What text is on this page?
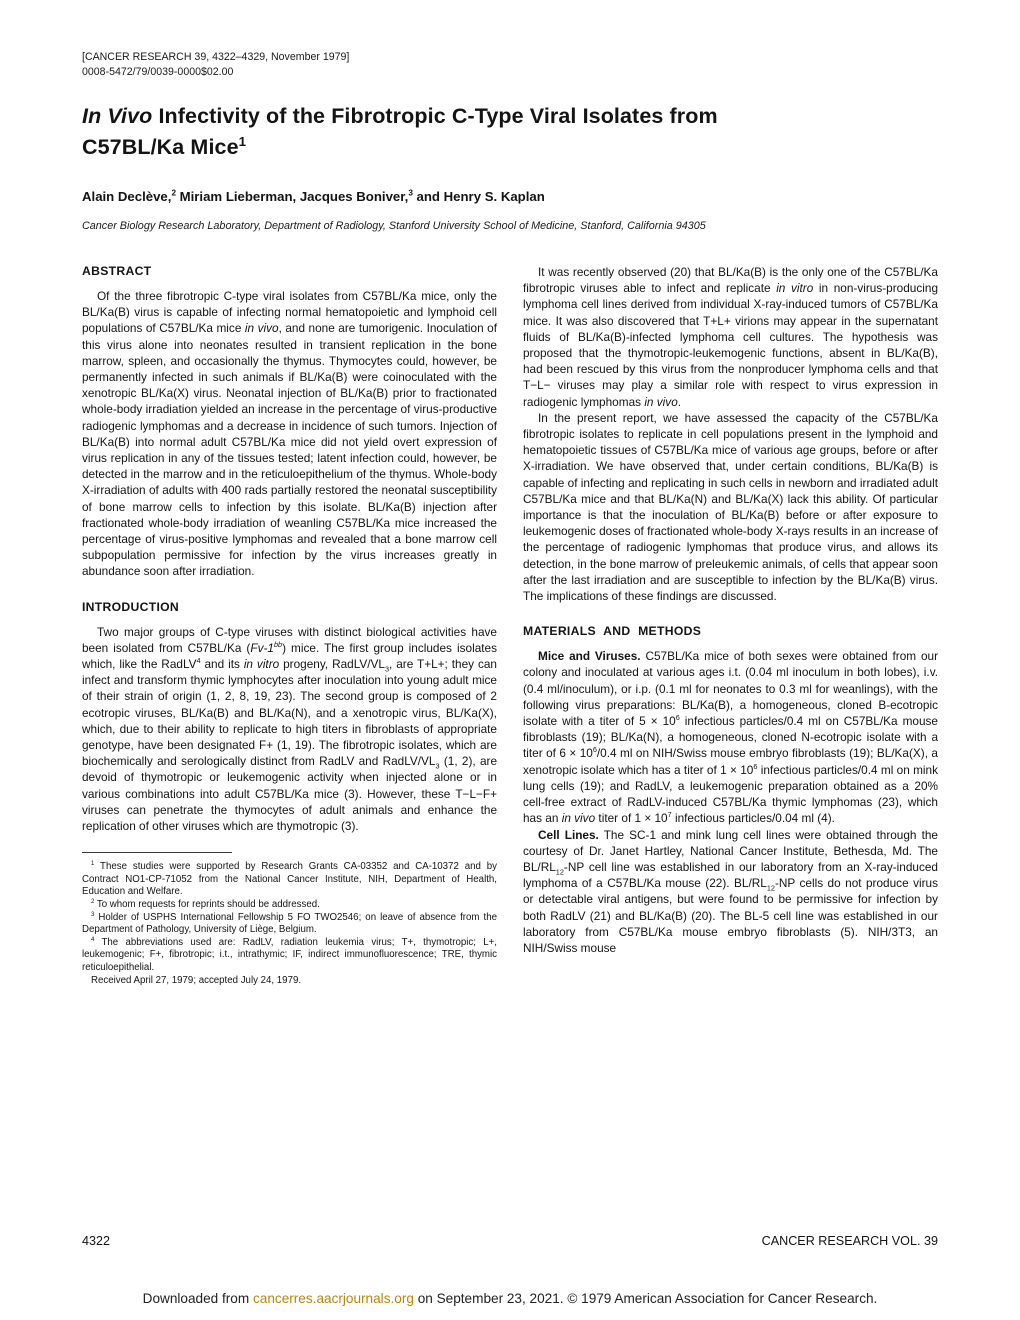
[CANCER RESEARCH 39, 4322–4329, November 1979]
0008-5472/79/0039-0000$02.00
In Vivo Infectivity of the Fibrotropic C-Type Viral Isolates from
C57BL/Ka Mice$^1$
Alain Declève,$^2$ Miriam Lieberman, Jacques Boniver,$^3$ and Henry S. Kaplan
Cancer Biology Research Laboratory, Department of Radiology, Stanford University School of Medicine, Stanford, California 94305
ABSTRACT

Of the three fibrotropic C-type viral isolates from C57BL/Ka mice, only the BL/Ka(B) virus is capable of infecting normal hematopoietic and lymphoid cell populations of C57BL/Ka mice in vivo, and none are tumorigenic. Inoculation of this virus alone into neonates resulted in transient replication in the bone marrow, spleen, and occasionally the thymus. Thymocytes could, however, be permanently infected in such animals if BL/Ka(B) were coinoculated with the xenotropic BL/Ka(X) virus. Neonatal injection of BL/Ka(B) prior to fractionated whole-body irradiation yielded an increase in the percentage of virus-productive radiogenic lymphomas and a decrease in incidence of such tumors. Injection of BL/Ka(B) into normal adult C57BL/Ka mice did not yield overt expression of virus replication in any of the tissues tested; latent infection could, however, be detected in the marrow and in the reticuloepithelium of the thymus. Whole-body X-irradiation of adults with 400 rads partially restored the neonatal susceptibility of bone marrow cells to infection by this isolate. BL/Ka(B) injection after fractionated whole-body irradiation of weanling C57BL/Ka mice increased the percentage of virus-positive lymphomas and revealed that a bone marrow cell subpopulation permissive for infection by the virus increases greatly in abundance soon after irradiation.

INTRODUCTION

Two major groups of C-type viruses with distinct biological activities have been isolated from C57BL/Ka $(Fv-1^{bb})$ mice. The first group includes isolates which, like the RadLV$^4$ and its in vitro progeny, RadLV/$VL_3$, are T+L+; they can infect and transform thymic lymphocytes after inoculation into young adult mice of their strain of origin (1, 2, 8, 19, 23). The second group is composed of 2 ecotropic viruses, BL/Ka(B) and BL/Ka(N), and a xenotropic virus, BL/Ka(X), which, due to their ability to replicate to high titers in fibroblasts of appropriate genotype, have been designated F+ (1, 19). The fibrotropic isolates, which are biochemically and serologically distinct from RadLV and RadLV/$VL_3$ (1, 2), are devoid of thymotropic or leukemogenic activity when injected alone or in various combinations into adult C57BL/Ka mice (3). However, these T−L−F+ viruses can penetrate the thymocytes of adult animals and enhance the replication of other viruses which are thymotropic (3).

$^1$ These studies were supported by Research Grants CA-03352 and CA-10372 and by Contract NO1-CP-71052 from the National Cancer Institute, NIH, Department of Health, Education and Welfare.

$^2$ To whom requests for reprints should be addressed.

$^3$ Holder of USPHS International Fellowship 5 FO TWO2546; on leave of absence from the Department of Pathology, University of Liège, Belgium.

$^4$ The abbreviations used are: RadLV, radiation leukemia virus; T+, thymotropic; L+, leukemogenic; F+, fibrotropic; i.t., intrathymic; IF, indirect immunofluorescence; TRE, thymic reticuloepithelial.

Received April 27, 1979; accepted July 24, 1979.

It was recently observed (20) that BL/Ka(B) is the only one of the C57BL/Ka fibrotropic viruses able to infect and replicate in vitro in non-virus-producing lymphoma cell lines derived from individual X-ray-induced tumors of C57BL/Ka mice. It was also discovered that T+L+ virions may appear in the supernatant fluids of BL/Ka(B)-infected lymphoma cell cultures. The hypothesis was proposed that the thymotropic-leukemogenic functions, absent in BL/Ka(B), had been rescued by this virus from the nonproducer lymphoma cells and that T−L− viruses may play a similar role with respect to virus expression in radiogenic lymphomas in vivo.

In the present report, we have assessed the capacity of the C57BL/Ka fibrotropic isolates to replicate in cell populations present in the lymphoid and hematopoietic tissues of C57BL/Ka mice of various age groups, before or after X-irradiation. We have observed that, under certain conditions, BL/Ka(B) is capable of infecting and replicating in such cells in newborn and irradiated adult C57BL/Ka mice and that BL/Ka(N) and BL/Ka(X) lack this ability. Of particular importance is that the inoculation of BL/Ka(B) before or after exposure to leukemogenic doses of fractionated whole-body X-rays results in an increase of the percentage of radiogenic lymphomas that produce virus, and allows its detection, in the bone marrow of preleukemic animals, of cells that appear soon after the last irradiation and are susceptible to infection by the BL/Ka(B) virus. The implications of these findings are discussed.

MATERIALS AND METHODS

Mice and Viruses. C57BL/Ka mice of both sexes were obtained from our colony and inoculated at various ages i.t. (0.04 ml inoculum in both lobes), i.v. (0.4 ml/inoculum), or i.p. (0.1 ml for neonates to 0.3 ml for weanlings), with the following virus preparations: BL/Ka(B), a homogeneous, cloned B-ecotropic isolate with a titer of $5 \times 10^6$ infectious particles/0.4 ml on C57BL/Ka mouse fibroblasts (19); BL/Ka(N), a homogeneous, cloned N-ecotropic isolate with a titer of $6 \times 10^6/0.4$ ml on NIH/Swiss mouse embryo fibroblasts (19); BL/Ka(X), a xenotropic isolate which has a titer of $1 \times 10^6$ infectious particles/0.4 ml on mink lung cells (19); and RadLV, a leukemogenic preparation obtained as a 20% cell-free extract of RadLV-induced C57BL/Ka thymic lymphomas (23), which has an in vivo titer of $1 \times 10^7$ infectious particles/0.04 ml (4).

Cell Lines. The SC-1 and mink lung cell lines were obtained through the courtesy of Dr. Janet Hartley, National Cancer Institute, Bethesda, Md. The $BL/RL_{12}-NP$ cell line was established in our laboratory from an X-ray-induced lymphoma of a C57BL/Ka mouse (22). $BL/RL_{12}-NP$ cells do not produce virus or detectable viral antigens, but were found to be permissive for infection by both RadLV (21) and BL/Ka(B) (20). The BL-5 cell line was established in our laboratory from C57BL/Ka mouse embryo fibroblasts (5). NIH/3T3, an NIH/Swiss mouse

4322	CANCER RESEARCH VOL. 39
Downloaded from cancerres.aacrjournals.org on September 23, 2021. © 1979 American Association for Cancer Research.
